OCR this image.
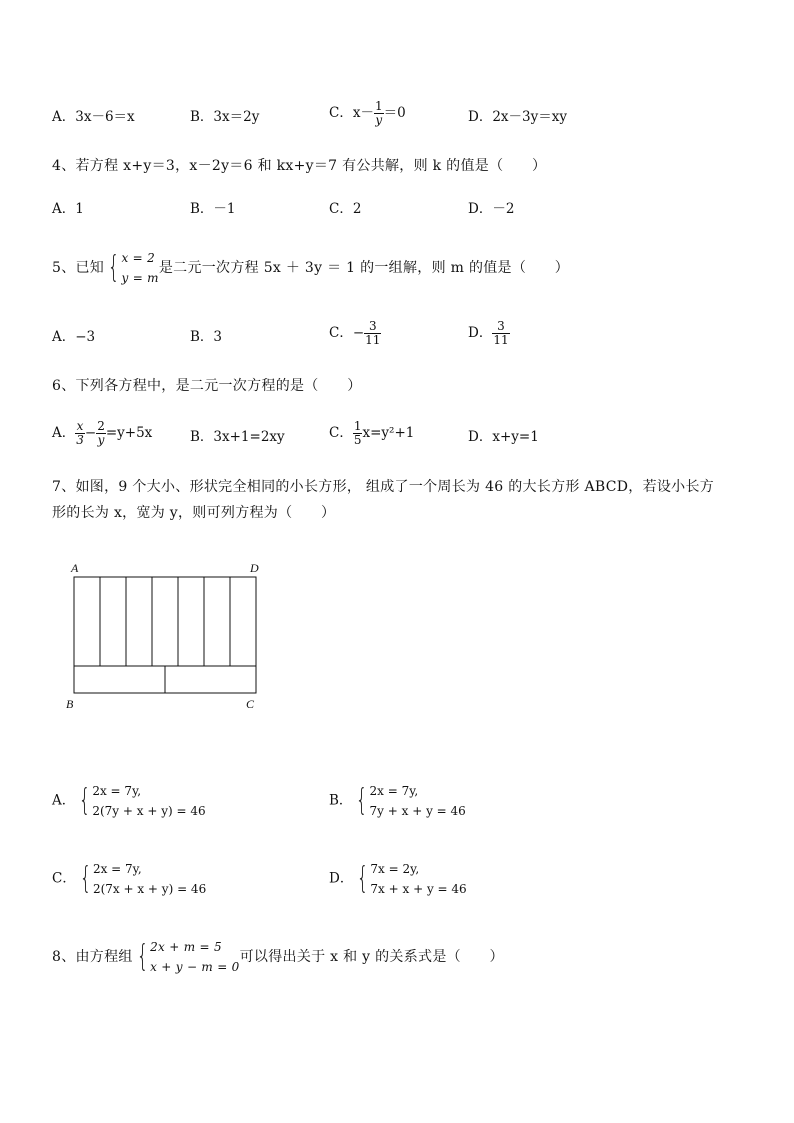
A．3x－6＝x	B．3x＝2y	C．$x- \frac{1}{y} =0$	D．2x－3y＝xy
4、若方程 x+y＝3，x－2y＝6 和 kx+y＝7 有公共解，则 k 的值是（　　）
A．1	B．－1	C．2	D．－2
5、已知 { x = 2
y = m
是二元一次方程 5x ＋ 3y ＝ 1 的一组解，则 m 的值是（　　）
A．−3	B．3	C．− $\frac{3}{11}$	D． $\frac{3}{11}$
6、下列各方程中，是二元一次方程的是（　　）
A． $\frac{x}{3} - \frac{2}{y} =y+5x$	B．3x+1=2xy	C． $\frac{1}{5} x=y^2+1$	D．x+y=1
7、如图，9 个大小、形状完全相同的小长方形， 组成了一个周长为 46 的大长方形 ABCD，若设小长方
形的长为 x，宽为 y，则可列方程为（　　）
A	D
B	C
A． { 2x = 7y,
2(7y + x + y) = 46
B． { 2x = 7y,
7y + x + y = 46
C． { 2x = 7y,
2(7x + x + y) = 46
D． { 7x = 2y,
7x + x + y = 46
8、由方程组 { 2x + m = 5
x + y − m = 0
可以得出关于 x 和 y 的关系式是（　　）
